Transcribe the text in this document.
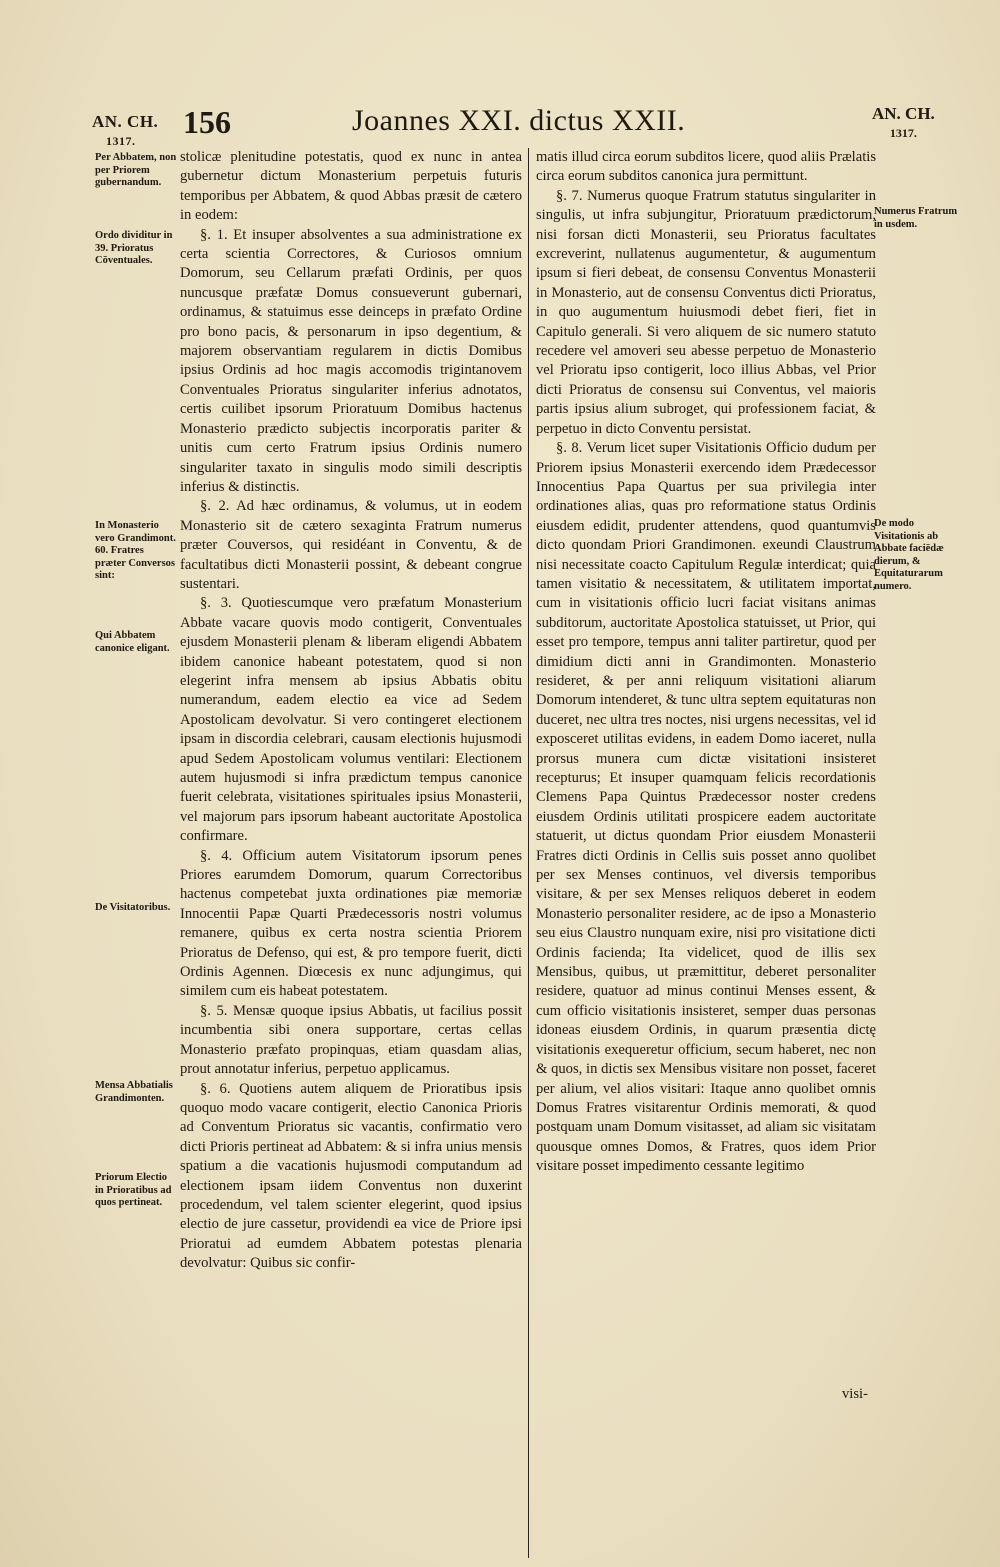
AN. CH.
1317.
156	Joannes XXI. dictus XXII.	AN. CH.
1317.
Per Abbatem, non per Priorem gubernandum.
Ordo dividitur in 39. Prioratus Cōventuales.
In Monasterio vero Grandimont. 60. Fratres præter Conversos sint:
Qui Abbatem canonice eligant.
De Visitatoribus.
Mensa Abbatialis Grandimonten.
Priorum Electio in Prioratibus ad quos pertineat.
Numerus Fratrum in usdem.
De modo Visitationis ab Abbate faciēdæ dierum, & Equitaturarum numero.

stolicæ plenitudine potestatis, quod ex nunc in antea gubernetur dictum Monasterium perpetuis futuris temporibus per Abbatem, & quod Abbas præsit de cætero in eodem:

§. 1. Et insuper absolventes a sua administratione ex certa scientia Correctores, & Curiosos omnium Domorum, seu Cellarum præfati Ordinis, per quos nuncusque præfatæ Domus consueverunt gubernari, ordinamus, & statuimus esse deinceps in præfato Ordine pro bono pacis, & personarum in ipso degentium, & majorem observantiam regularem in dictis Domibus ipsius Ordinis ad hoc magis accomodis trigintanovem Conventuales Prioratus singulariter inferius adnotatos, certis cuilibet ipsorum Prioratuum Domibus hactenus Monasterio prædicto subjectis incorporatis pariter & unitis cum certo Fratrum ipsius Ordinis numero singulariter taxato in singulis modo simili descriptis inferius & distinctis.

§. 2. Ad hæc ordinamus, & volumus, ut in eodem Monasterio sit de cætero sexaginta Fratrum numerus præter Couversos, qui residéant in Conventu, & de facultatibus dicti Monasterii possint, & debeant congrue sustentari.

§. 3. Quotiescumque vero præfatum Monasterium Abbate vacare quovis modo contigerit, Conventuales ejusdem Monasterii plenam & liberam eligendi Abbatem ibidem canonice habeant potestatem, quod si non elegerint infra mensem ab ipsius Abbatis obitu numerandum, eadem electio ea vice ad Sedem Apostolicam devolvatur. Si vero contingeret electionem ipsam in discordia celebrari, causam electionis hujusmodi apud Sedem Apostolicam volumus ventilari: Electionem autem hujusmodi si infra prædictum tempus canonice fuerit celebrata, visitationes spirituales ipsius Monasterii, vel majorum pars ipsorum habeant auctoritate Apostolica confirmare.

§. 4. Officium autem Visitatorum ipsorum penes Priores earumdem Domorum, quarum Correctoribus hactenus competebat juxta ordinationes piæ memoriæ Innocentii Papæ Quarti Prædecessoris nostri volumus remanere, quibus ex certa nostra scientia Priorem Prioratus de Defenso, qui est, & pro tempore fuerit, dicti Ordinis Agennen. Diœcesis ex nunc adjungimus, qui similem cum eis habeat potestatem.

§. 5. Mensæ quoque ipsius Abbatis, ut facilius possit incumbentia sibi onera supportare, certas cellas Monasterio præfato propinquas, etiam quasdam alias, prout annotatur inferius, perpetuo applicamus.

§. 6. Quotiens autem aliquem de Prioratibus ipsis quoquo modo vacare contigerit, electio Canonica Prioris ad Conventum Prioratus sic vacantis, confirmatio vero dicti Prioris pertineat ad Abbatem: & si infra unius mensis spatium a die vacationis hujusmodi computandum ad electionem ipsam iidem Conventus non duxerint procedendum, vel talem scienter elegerint, quod ipsius electio de jure cassetur, providendi ea vice de Priore ipsi Prioratui ad eumdem Abbatem potestas plenaria devolvatur: Quibus sic confir-

matis illud circa eorum subditos licere, quod aliis Prælatis circa eorum subditos canonica jura permittunt.

§. 7. Numerus quoque Fratrum statutus singulariter in singulis, ut infra subjungitur, Prioratuum prædictorum, nisi forsan dicti Monasterii, seu Prioratus facultates excreverint, nullatenus augumentetur, & augumentum ipsum si fieri debeat, de consensu Conventus Monasterii in Monasterio, aut de consensu Conventus dicti Prioratus, in quo augumentum huiusmodi debet fieri, fiet in Capitulo generali. Si vero aliquem de sic numero statuto recedere vel amoveri seu abesse perpetuo de Monasterio vel Prioratu ipso contigerit, loco illius Abbas, vel Prior dicti Prioratus de consensu sui Conventus, vel maioris partis ipsius alium subroget, qui professionem faciat, & perpetuo in dicto Conventu persistat.

§. 8. Verum licet super Visitationis Officio dudum per Priorem ipsius Monasterii exercendo idem Prædecessor Innocentius Papa Quartus per sua privilegia inter ordinationes alias, quas pro reformatione status Ordinis eiusdem edidit, prudenter attendens, quod quantumvis dicto quondam Priori Grandimonen. exeundi Claustrum nisi necessitate coacto Capitulum Regulæ interdicat; quia tamen visitatio & necessitatem, & utilitatem importat, cum in visitationis officio lucri faciat visitans animas subditorum, auctoritate Apostolica statuisset, ut Prior, qui esset pro tempore, tempus anni taliter partiretur, quod per dimidium dicti anni in Grandimonten. Monasterio resideret, & per anni reliquum visitationi aliarum Domorum intenderet, & tunc ultra septem equitaturas non duceret, nec ultra tres noctes, nisi urgens necessitas, vel id exposceret utilitas evidens, in eadem Domo iaceret, nulla prorsus munera cum dictæ visitationi insisteret recepturus; Et insuper quamquam felicis recordationis Clemens Papa Quintus Prædecessor noster credens eiusdem Ordinis utilitati prospicere eadem auctoritate statuerit, ut dictus quondam Prior eiusdem Monasterii Fratres dicti Ordinis in Cellis suis posset anno quolibet per sex Menses continuos, vel diversis temporibus visitare, & per sex Menses reliquos deberet in eodem Monasterio personaliter residere, ac de ipso a Monasterio seu eius Claustro nunquam exire, nisi pro visitatione dicti Ordinis facienda; Ita videlicet, quod de illis sex Mensibus, quibus, ut præmittitur, deberet personaliter residere, quatuor ad minus continui Menses essent, & cum officio visitationis insisteret, semper duas personas idoneas eiusdem Ordinis, in quarum præsentia dictę visitationis exequeretur officium, secum haberet, nec non & quos, in dictis sex Mensibus visitare non posset, faceret per alium, vel alios visitari: Itaque anno quolibet omnis Domus Fratres visitarentur Ordinis memorati, & quod postquam unam Domum visitasset, ad aliam sic visitatam quousque omnes Domos, & Fratres, quos idem Prior visitare posset impedimento cessante legitimo

visi-
